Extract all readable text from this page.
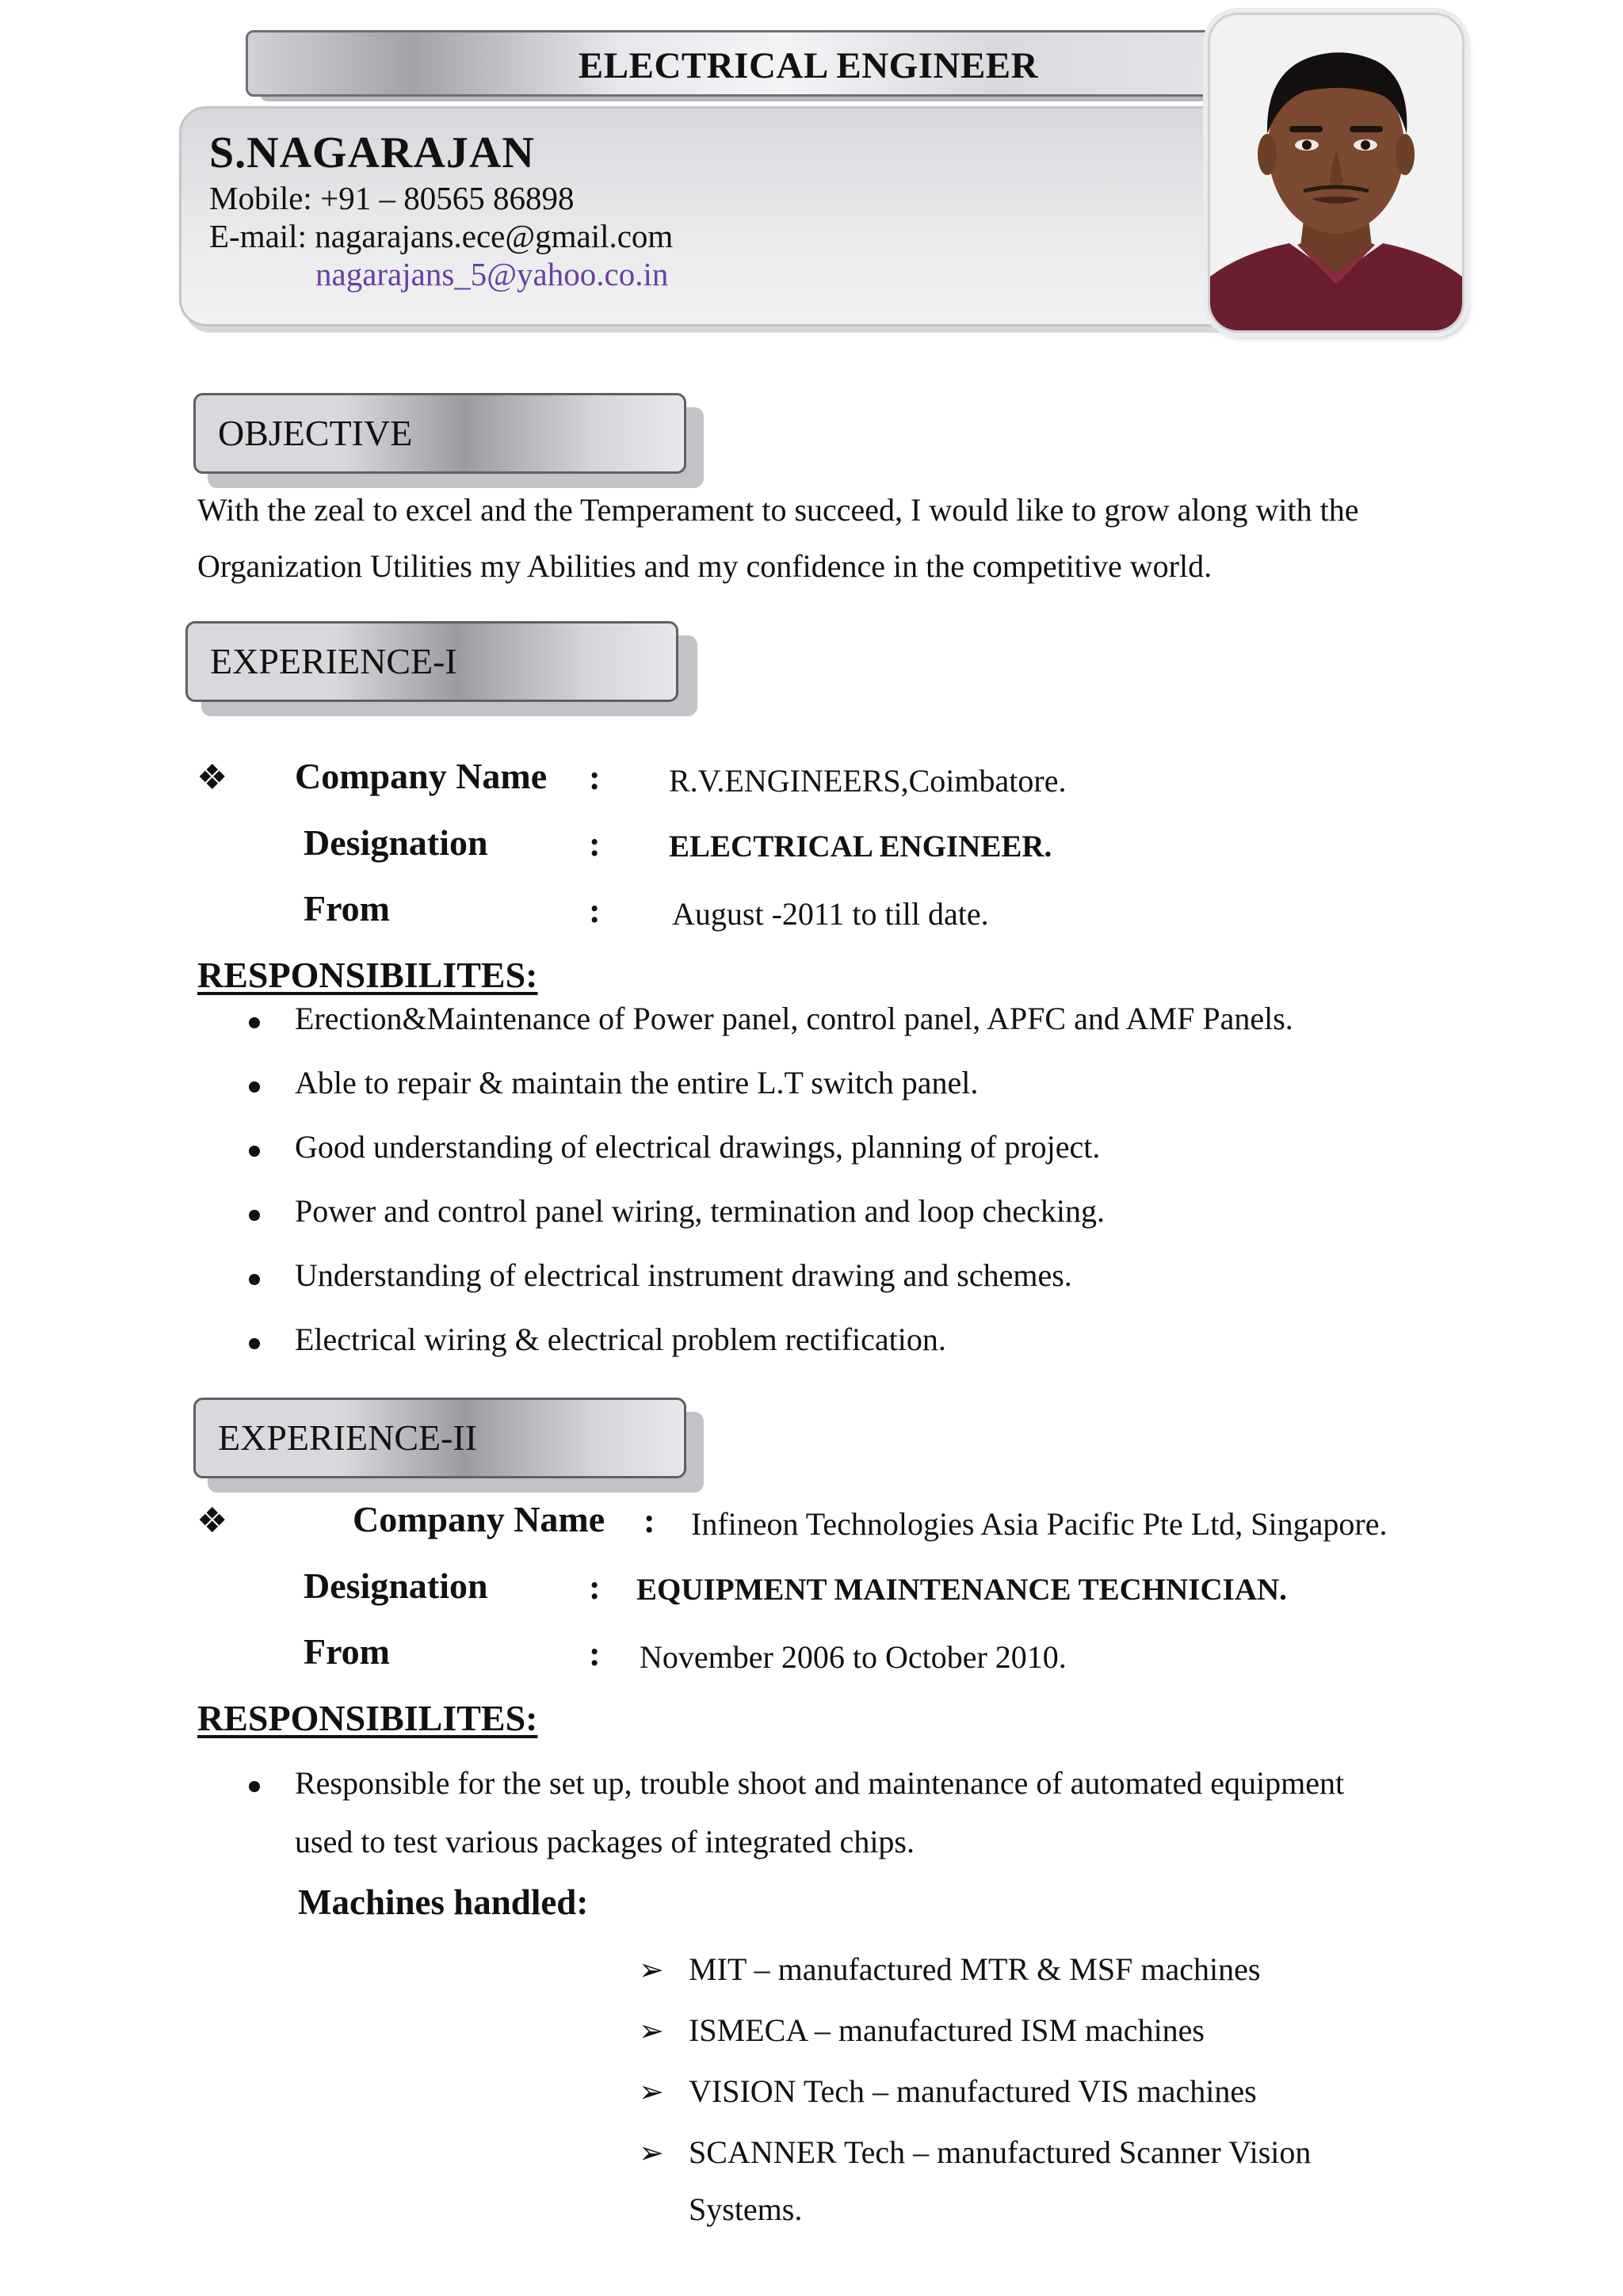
ELECTRICAL ENGINEER
S.NAGARAJAN
Mobile: +91 – 80565 86898
E-mail: nagarajans.ece@gmail.com
nagarajans_5@yahoo.co.in
OBJECTIVE
With the zeal to excel and the Temperament to succeed, I would like to grow along with the
Organization Utilities my Abilities and my confidence in the competitive world.
EXPERIENCE-I
❖ Company Name : R.V.ENGINEERS,Coimbatore.
Designation	: ELECTRICAL ENGINEER.
From	: August -2011 to till date.
RESPONSIBILITES:
Erection&Maintenance of Power panel, control panel, APFC and AMF Panels.
Able to repair & maintain the entire L.T switch panel.
Good understanding of electrical drawings, planning of project.
Power and control panel wiring, termination and loop checking.
Understanding of electrical instrument drawing and schemes.
Electrical wiring & electrical problem rectification.
EXPERIENCE-II
❖	Company Name : Infineon Technologies Asia Pacific Pte Ltd, Singapore.
Designation	: EQUIPMENT MAINTENANCE TECHNICIAN.
From	: November 2006 to October 2010.
RESPONSIBILITES:
Responsible for the set up, trouble shoot and maintenance of automated equipment
used to test various packages of integrated chips.
Machines handled:
➢ MIT – manufactured MTR & MSF machines
➢ ISMECA – manufactured ISM machines
➢ VISION Tech – manufactured VIS machines
➢ SCANNER Tech – manufactured Scanner Vision
Systems.
